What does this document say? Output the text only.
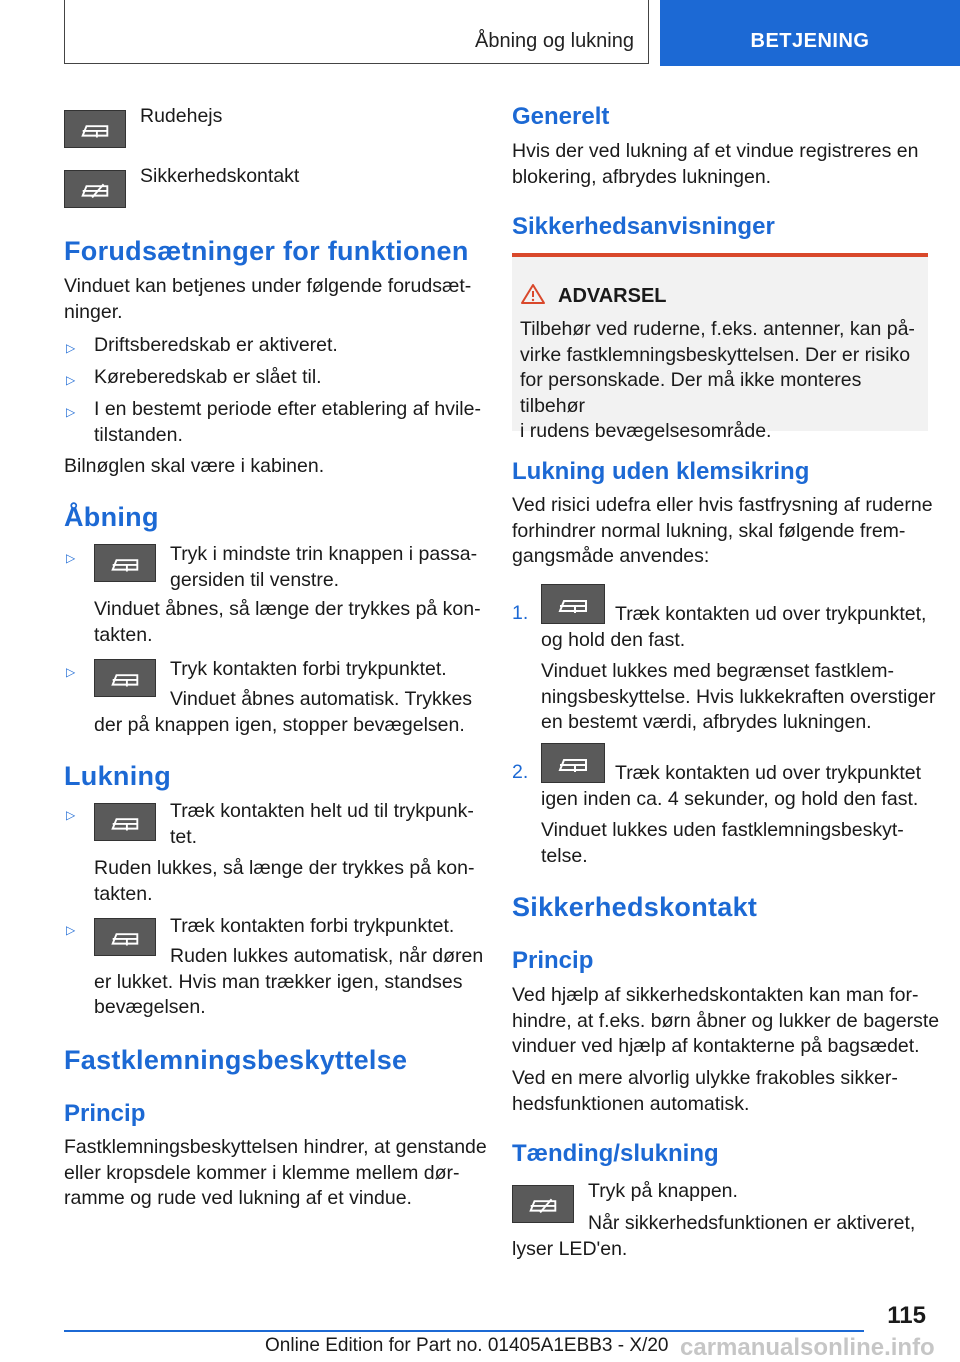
Åbning og lukning	BETJENING
Rudehejs
Sikkerhedskontakt
Forudsætninger for funktionen
Vinduet kan betjenes under følgende forudsæt-
ninger.
▷ Driftsberedskab er aktiveret.
▷ Køreberedskab er slået til.
▷ I en bestemt periode efter etablering af hvile-
tilstanden.
Bilnøglen skal være i kabinen.
Åbning
▷	Tryk i mindste trin knappen i passa-
gersiden til venstre.
Vinduet åbnes, så længe der trykkes på kon-
takten.
▷	Tryk kontakten forbi trykpunktet.
Vinduet åbnes automatisk. Trykkes
der på knappen igen, stopper bevægelsen.
Lukning
▷	Træk kontakten helt ud til trykpunk-
tet.
Ruden lukkes, så længe der trykkes på kon-
takten.
▷	Træk kontakten forbi trykpunktet.
Ruden lukkes automatisk, når døren
er lukket. Hvis man trækker igen, standses
bevægelsen.
Fastklemningsbeskyttelse
Princip
Fastklemningsbeskyttelsen hindrer, at genstande
eller kropsdele kommer i klemme mellem dør-
ramme og rude ved lukning af et vindue.
Generelt
Hvis der ved lukning af et vindue registreres en
blokering, afbrydes lukningen.
Sikkerhedsanvisninger
ADVARSEL
Tilbehør ved ruderne, f.eks. antenner, kan på-
virke fastklemningsbeskyttelsen. Der er risiko
for personskade. Der må ikke monteres tilbehør
i rudens bevægelsesområde.
Lukning uden klemsikring
Ved risici udefra eller hvis fastfrysning af ruderne
forhindrer normal lukning, skal følgende frem-
gangsmåde anvendes:
1.	Træk kontakten ud over trykpunktet,
og hold den fast.
Vinduet lukkes med begrænset fastklem-
ningsbeskyttelse. Hvis lukkekraften overstiger
en bestemt værdi, afbrydes lukningen.
2.	Træk kontakten ud over trykpunktet
igen inden ca. 4 sekunder, og hold den fast.
Vinduet lukkes uden fastklemningsbeskyt-
telse.
Sikkerhedskontakt
Princip
Ved hjælp af sikkerhedskontakten kan man for-
hindre, at f.eks. børn åbner og lukker de bagerste
vinduer ved hjælp af kontakterne på bagsædet.
Ved en mere alvorlig ulykke frakobles sikker-
hedsfunktionen automatisk.
Tænding/slukning
Tryk på knappen.
Når sikkerhedsfunktionen er aktiveret,
lyser LED'en.
115
Online Edition for Part no. 01405A1EBB3 - X/20 carmanualsonline.info
